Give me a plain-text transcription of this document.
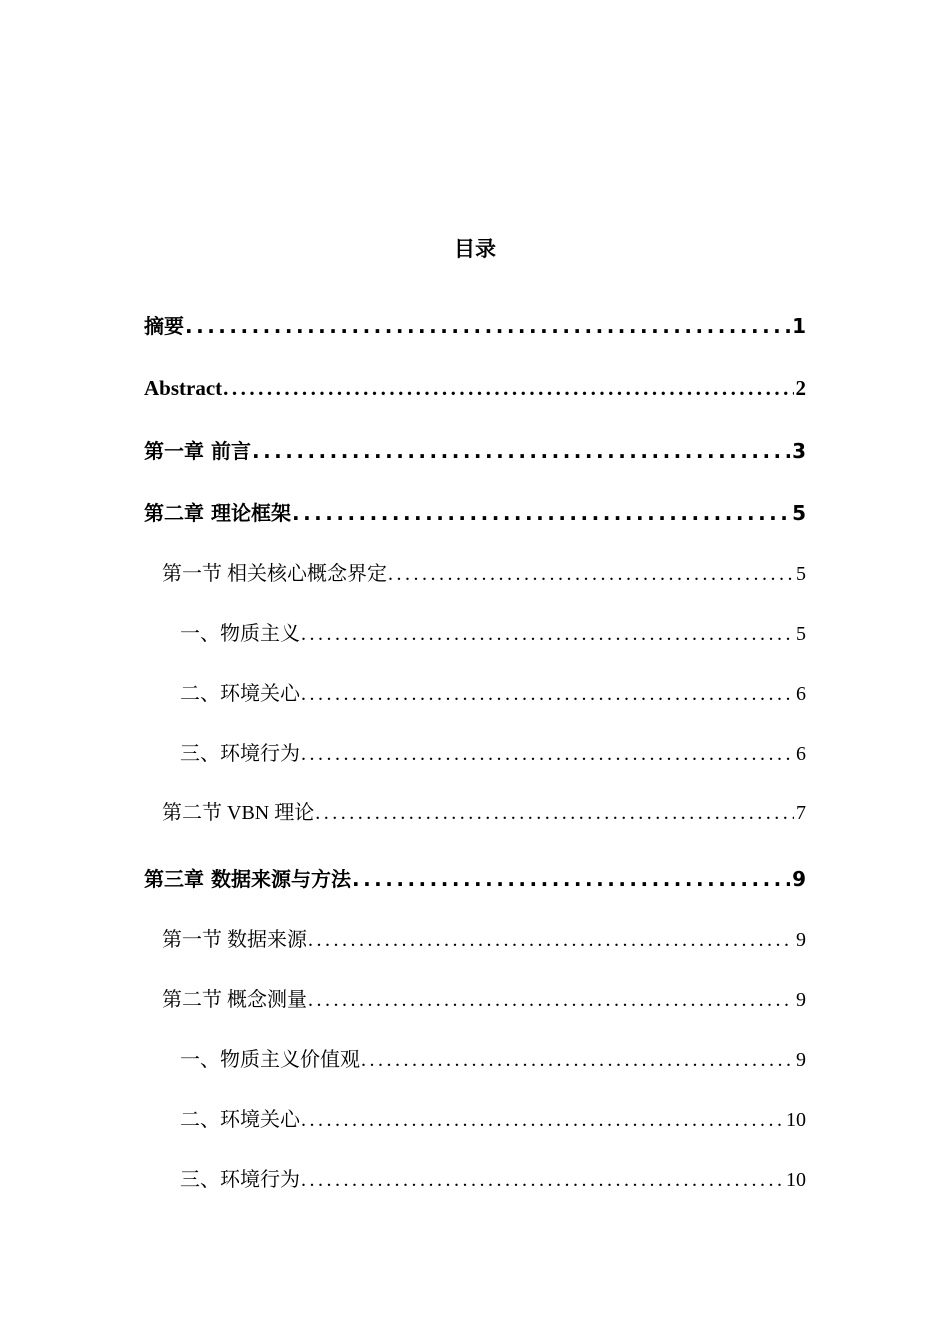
目录
摘要 .....	1
Abstract .....	2
第一章 前言 .....	3
第二章 理论框架 .....	5
第一节 相关核心概念界定 .....	5
一、物质主义 .....	5
二、环境关心 .....	6
三、环境行为 .....	6
第二节 VBN 理论 .....	7
第三章 数据来源与方法 .....	9
第一节 数据来源 .....	9
第二节 概念测量 .....	9
一、物质主义价值观 .....	9
二、环境关心 .....	10
三、环境行为 .....	10
